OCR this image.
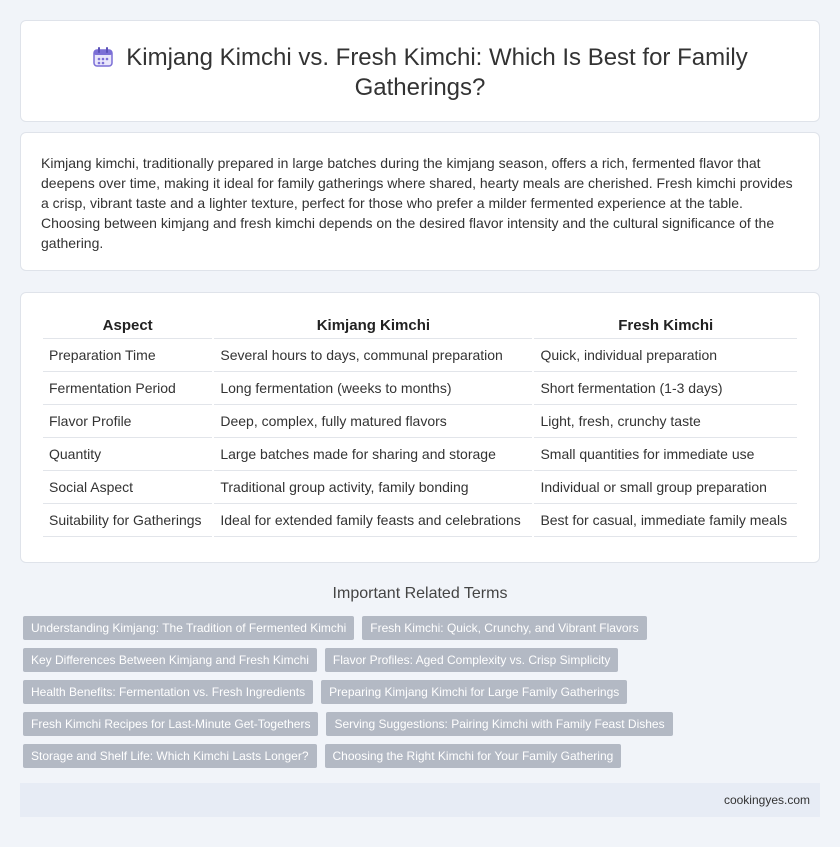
Kimjang Kimchi vs. Fresh Kimchi: Which Is Best for Family Gatherings?

Kimjang kimchi, traditionally prepared in large batches during the kimjang season, offers a rich, fermented flavor that deepens over time, making it ideal for family gatherings where shared, hearty meals are cherished. Fresh kimchi provides a crisp, vibrant taste and a lighter texture, perfect for those who prefer a milder fermented experience at the table. Choosing between kimjang and fresh kimchi depends on the desired flavor intensity and the cultural significance of the gathering.

Aspect	Kimjang Kimchi	Fresh Kimchi
Preparation Time	Several hours to days, communal preparation	Quick, individual preparation
Fermentation Period	Long fermentation (weeks to months)	Short fermentation (1-3 days)
Flavor Profile	Deep, complex, fully matured flavors	Light, fresh, crunchy taste
Quantity	Large batches made for sharing and storage	Small quantities for immediate use
Social Aspect	Traditional group activity, family bonding	Individual or small group preparation
Suitability for Gatherings	Ideal for extended family feasts and celebrations	Best for casual, immediate family meals
Important Related Terms
Understanding Kimjang: The Tradition of Fermented Kimchi	Fresh Kimchi: Quick, Crunchy, and Vibrant Flavors
Key Differences Between Kimjang and Fresh Kimchi	Flavor Profiles: Aged Complexity vs. Crisp Simplicity
Health Benefits: Fermentation vs. Fresh Ingredients	Preparing Kimjang Kimchi for Large Family Gatherings
Fresh Kimchi Recipes for Last-Minute Get-Togethers	Serving Suggestions: Pairing Kimchi with Family Feast Dishes
Storage and Shelf Life: Which Kimchi Lasts Longer?	Choosing the Right Kimchi for Your Family Gathering
cookingyes.com
